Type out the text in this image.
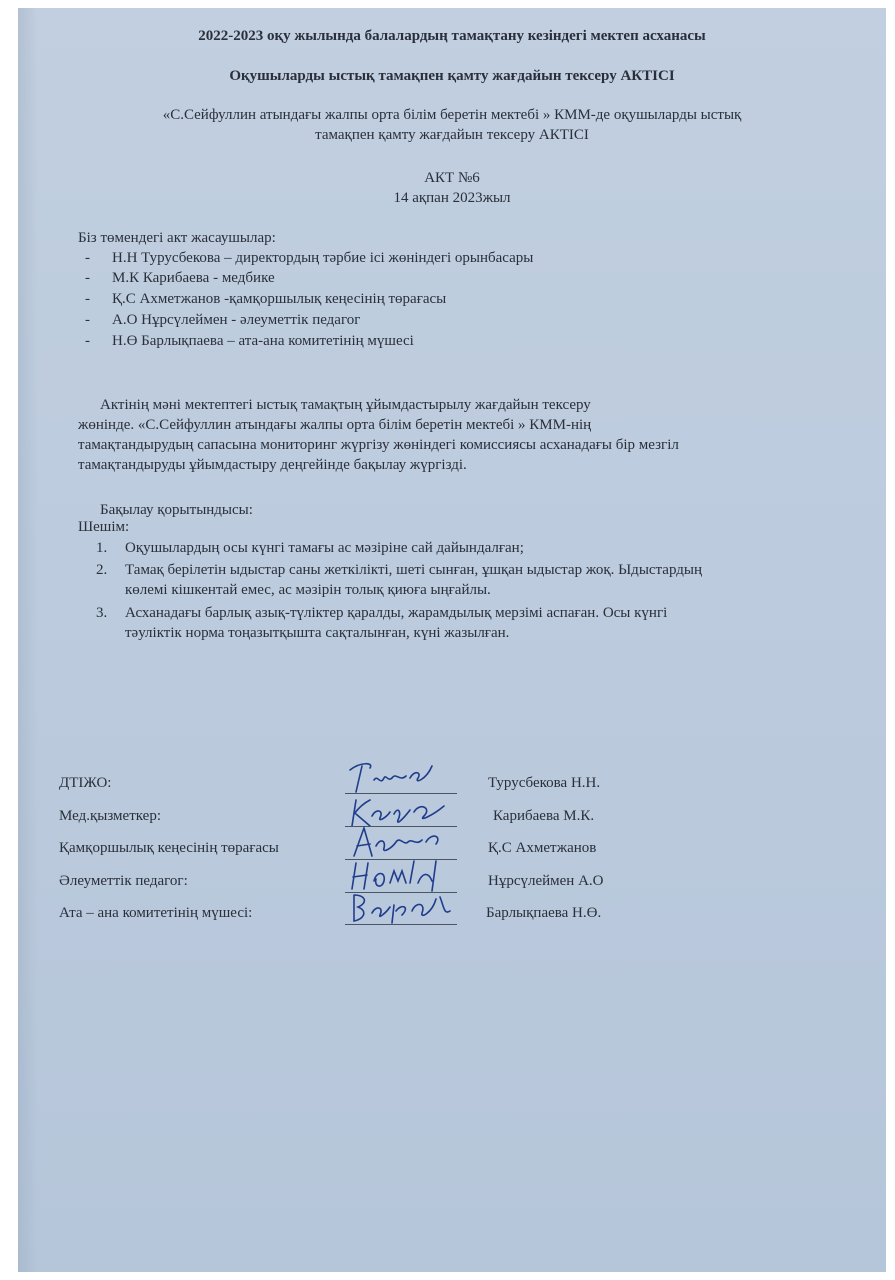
2022-2023 оқу жылында балалардың тамақтану кезіндегі мектеп асханасы
Оқушыларды ыстық тамақпен қамту жағдайын тексеру АКТІСІ
«С.Сейфуллин атындағы жалпы орта білім беретін мектебі » КММ-де оқушыларды ыстық
тамақпен қамту жағдайын тексеру АКТІСІ
АКТ №6
14 ақпан 2023жыл
Біз төмендегі акт жасаушылар:
- Н.Н Турусбекова – директордың тәрбие ісі жөніндегі орынбасары
- М.К Карибаева - медбике
- Қ.С Ахметжанов -қамқоршылық кеңесінің төрағасы
- А.О Нұрсүлеймен - әлеуметтік педагог
- Н.Ө Барлықпаева – ата-ана комитетінің мүшесі
Актінің мәні мектептегі ыстық тамақтың ұйымдастырылу жағдайын тексеру
жөнінде. «С.Сейфуллин атындағы жалпы орта білім беретін мектебі » КММ-нің
тамақтандырудың сапасына мониторинг жүргізу жөніндегі комиссиясы асханадағы бір мезгіл
тамақтандыруды ұйымдастыру деңгейінде бақылау жүргізді.
Бақылау қорытындысы:
Шешім:
1. Оқушылардың осы күнгі тамағы ас мәзіріне сай дайындалған;
2. Тамақ берілетін ыдыстар саны жеткілікті, шеті сынған, ұшқан ыдыстар жоқ. Ыдыстардың
көлемі кішкентай емес, ас мәзірін толық қиюға ыңғайлы.
3. Асханадағы барлық азық-түліктер қаралды, жарамдылық мерзімі аспаған. Осы күнгі
тәуліктік норма тоңазытқышта сақталынған, күні жазылған.
ДТІЖО:	Турусбекова Н.Н.
Мед.қызметкер:	Карибаева М.К.
Қамқоршылық кеңесінің төрағасы	Қ.С Ахметжанов
Әлеуметтік педагог:	Нұрсүлеймен А.О
Ата – ана комитетінің мүшесі:	Барлықпаева Н.Ө.
